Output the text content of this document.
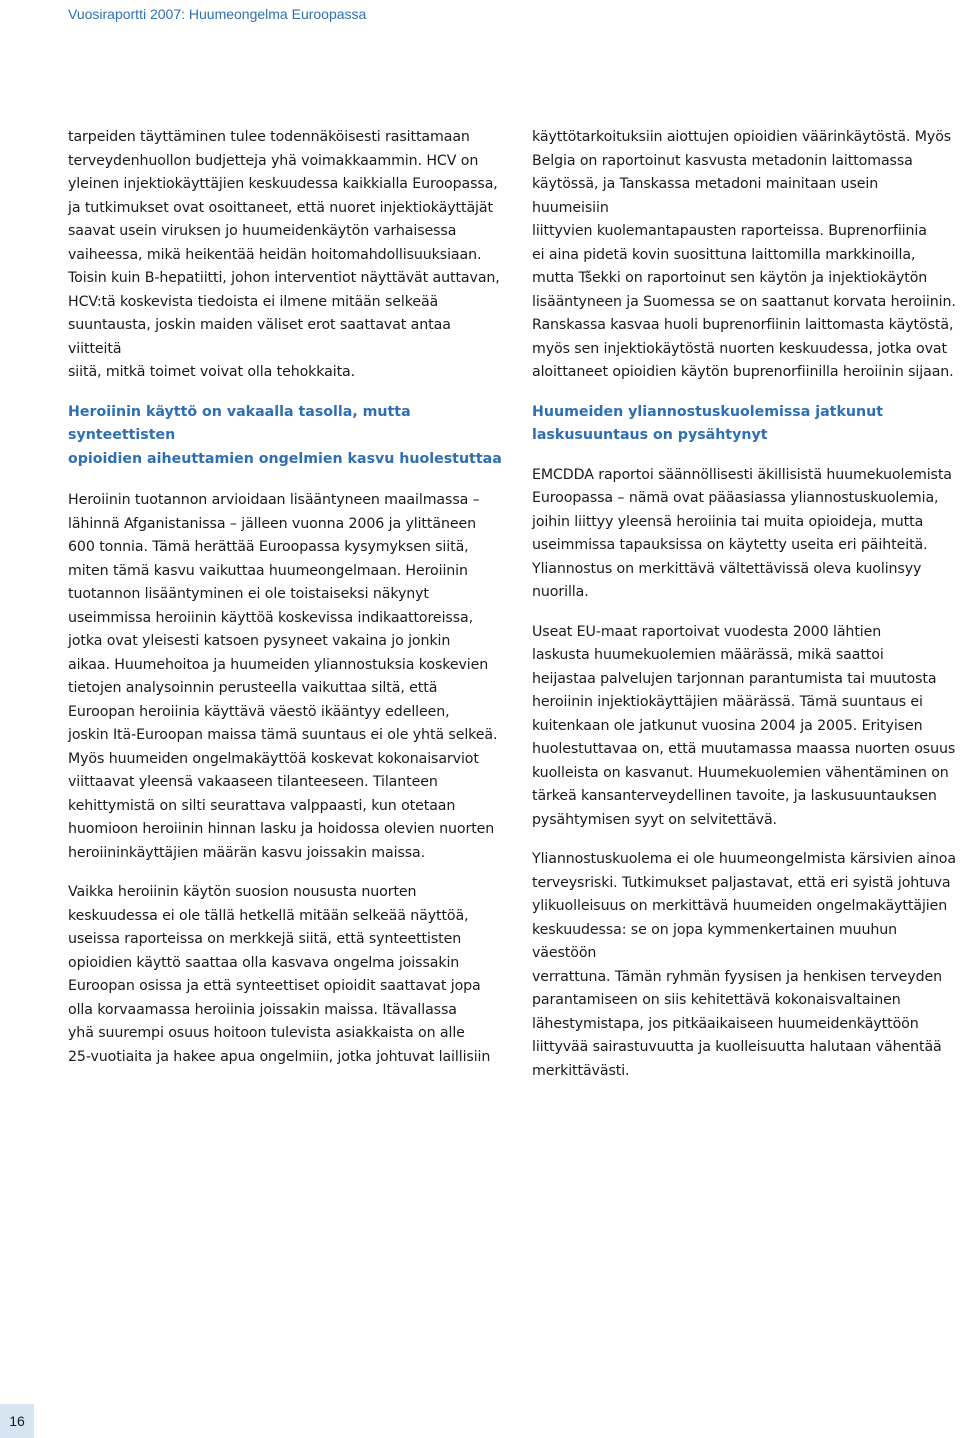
Vuosiraportti 2007: Huumeongelma Euroopassa

tarpeiden täyttäminen tulee todennäköisesti rasittamaan
terveydenhuollon budjetteja yhä voimakkaammin. HCV on
yleinen injektiokäyttäjien keskuudessa kaikkialla Euroopassa,
ja tutkimukset ovat osoittaneet, että nuoret injektiokäyttäjät
saavat usein viruksen jo huumeidenkäytön varhaisessa
vaiheessa, mikä heikentää heidän hoitomahdollisuuksiaan.
Toisin kuin B-hepatiitti, johon interventiot näyttävät auttavan,
HCV:tä koskevista tiedoista ei ilmene mitään selkeää
suuntausta, joskin maiden väliset erot saattavat antaa viitteitä
siitä, mitkä toimet voivat olla tehokkaita.

Heroiinin käyttö on vakaalla tasolla, mutta synteettisten
opioidien aiheuttamien ongelmien kasvu huolestuttaa

Heroiinin tuotannon arvioidaan lisääntyneen maailmassa –
lähinnä Afganistanissa – jälleen vuonna 2006 ja ylittäneen
600 tonnia. Tämä herättää Euroopassa kysymyksen siitä,
miten tämä kasvu vaikuttaa huumeongelmaan. Heroiinin
tuotannon lisääntyminen ei ole toistaiseksi näkynyt
useimmissa heroiinin käyttöä koskevissa indikaattoreissa,
jotka ovat yleisesti katsoen pysyneet vakaina jo jonkin
aikaa. Huumehoitoa ja huumeiden yliannostuksia koskevien
tietojen analysoinnin perusteella vaikuttaa siltä, että
Euroopan heroiinia käyttävä väestö ikääntyy edelleen,
joskin Itä-Euroopan maissa tämä suuntaus ei ole yhtä selkeä.
Myös huumeiden ongelmakäyttöä koskevat kokonaisarviot
viittaavat yleensä vakaaseen tilanteeseen. Tilanteen
kehittymistä on silti seurattava valppaasti, kun otetaan
huomioon heroiinin hinnan lasku ja hoidossa olevien nuorten
heroiininkäyttäjien määrän kasvu joissakin maissa.

Vaikka heroiinin käytön suosion noususta nuorten
keskuudessa ei ole tällä hetkellä mitään selkeää näyttöä,
useissa raporteissa on merkkejä siitä, että synteettisten
opioidien käyttö saattaa olla kasvava ongelma joissakin
Euroopan osissa ja että synteettiset opioidit saattavat jopa
olla korvaamassa heroiinia joissakin maissa. Itävallassa
yhä suurempi osuus hoitoon tulevista asiakkaista on alle
25-vuotiaita ja hakee apua ongelmiin, jotka johtuvat laillisiin

käyttötarkoituksiin aiottujen opioidien väärinkäytöstä. Myös
Belgia on raportoinut kasvusta metadonin laittomassa
käytössä, ja Tanskassa metadoni mainitaan usein huumeisiin
liittyvien kuolemantapausten raporteissa. Buprenorfiinia
ei aina pidetä kovin suosittuna laittomilla markkinoilla,
mutta Tšekki on raportoinut sen käytön ja injektiokäytön
lisääntyneen ja Suomessa se on saattanut korvata heroiinin.
Ranskassa kasvaa huoli buprenorfiinin laittomasta käytöstä,
myös sen injektiokäytöstä nuorten keskuudessa, jotka ovat
aloittaneet opioidien käytön buprenorfiinilla heroiinin sijaan.

Huumeiden yliannostuskuolemissa jatkunut
laskusuuntaus on pysähtynyt

EMCDDA raportoi säännöllisesti äkillisistä huumekuolemista
Euroopassa – nämä ovat pääasiassa yliannostuskuolemia,
joihin liittyy yleensä heroiinia tai muita opioideja, mutta
useimmissa tapauksissa on käytetty useita eri päihteitä.
Yliannostus on merkittävä vältettävissä oleva kuolinsyy
nuorilla.

Useat EU-maat raportoivat vuodesta 2000 lähtien
laskusta huumekuolemien määrässä, mikä saattoi
heijastaa palvelujen tarjonnan parantumista tai muutosta
heroiinin injektiokäyttäjien määrässä. Tämä suuntaus ei
kuitenkaan ole jatkunut vuosina 2004 ja 2005. Erityisen
huolestuttavaa on, että muutamassa maassa nuorten osuus
kuolleista on kasvanut. Huumekuolemien vähentäminen on
tärkeä kansanterveydellinen tavoite, ja laskusuuntauksen
pysähtymisen syyt on selvitettävä.

Yliannostuskuolema ei ole huumeongelmista kärsivien ainoa
terveysriski. Tutkimukset paljastavat, että eri syistä johtuva
ylikuolleisuus on merkittävä huumeiden ongelmakäyttäjien
keskuudessa: se on jopa kymmenkertainen muuhun väestöön
verrattuna. Tämän ryhmän fyysisen ja henkisen terveyden
parantamiseen on siis kehitettävä kokonaisvaltainen
lähestymistapa, jos pitkäaikaiseen huumeidenkäyttöön
liittyvää sairastuvuutta ja kuolleisuutta halutaan vähentää
merkittävästi.

16
